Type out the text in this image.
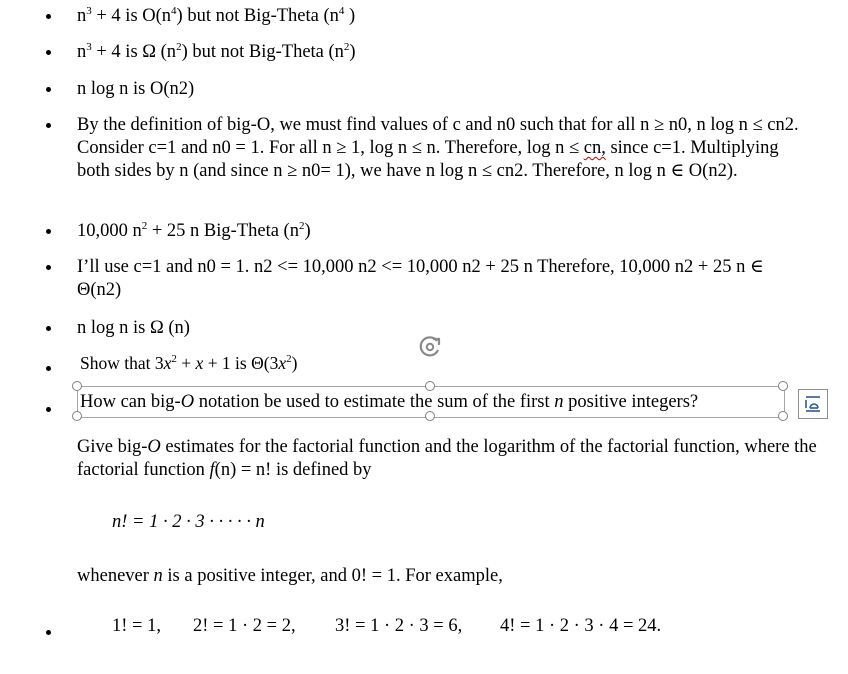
$n^3 + 4$ is $O(n^4)$ but not Big-Theta ($n^4$ )
$n^3 + 4$ is Ω $(n^2)$ but not Big-Theta $(n^2)$
n log n is O(n2)
By the definition of big-O, we must find values of c and n0 such that for all n ≥ n0, n log n ≤ cn2. Consider c=1 and n0 = 1. For all n ≥ 1, log n ≤ n. Therefore, log n ≤ cn, since c=1. Multiplying both sides by n (and since n ≥ n0= 1), we have n log n ≤ cn2. Therefore, n log n ∈ O(n2).
10,000 $n^2 + 25$ n Big-Theta $(n^2)$
I’ll use c=1 and n0 = 1. n2 <= 10,000 n2 <= 10,000 n2 + 25 n Therefore, 10,000 n2 + 25 n ∈ Θ(n2)
n log n is Ω (n)
Show that $3x^2 + x + 1$ is $\Theta(3x^2)$
How can big-O notation be used to estimate the sum of the first n positive integers?
Give big-O estimates for the factorial function and the logarithm of the factorial function, where the factorial function f(n) = n! is defined by
n! = 1 · 2 · 3 · · · · · n
whenever n is a positive integer, and 0! = 1. For example,
1! = 1, 2! = 1 · 2 = 2, 3! = 1 · 2 · 3 = 6, 4! = 1 · 2 · 3 · 4 = 24.
